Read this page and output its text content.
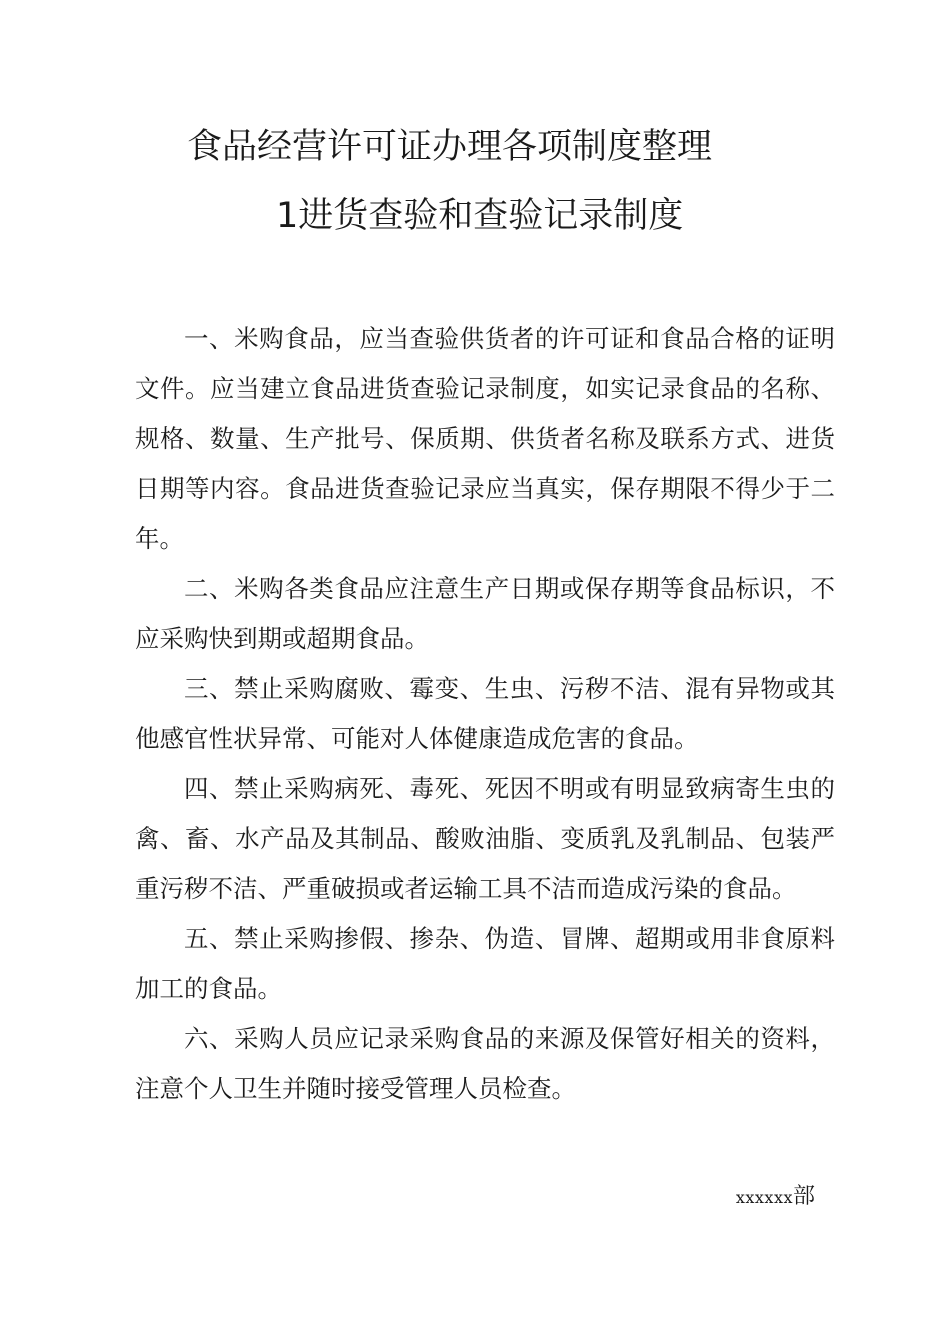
食品经营许可证办理各项制度整理
1进货查验和查验记录制度

一、米购食品，应当查验供货者的许可证和食品合格的证明文件。应当建立食品进货查验记录制度，如实记录食品的名称、规格、数量、生产批号、保质期、供货者名称及联系方式、进货日期等内容。食品进货查验记录应当真实，保存期限不得少于二年。

二、米购各类食品应注意生产日期或保存期等食品标识，不应采购快到期或超期食品。

三、禁止采购腐败、霉变、生虫、污秽不洁、混有异物或其他感官性状异常、可能对人体健康造成危害的食品。

四、禁止采购病死、毒死、死因不明或有明显致病寄生虫的禽、畜、水产品及其制品、酸败油脂、变质乳及乳制品、包装严重污秽不洁、严重破损或者运输工具不洁而造成污染的食品。

五、禁止采购掺假、掺杂、伪造、冒牌、超期或用非食原料加工的食品。

六、采购人员应记录采购食品的来源及保管好相关的资料，注意个人卫生并随时接受管理人员检查。

xxxxxx部
